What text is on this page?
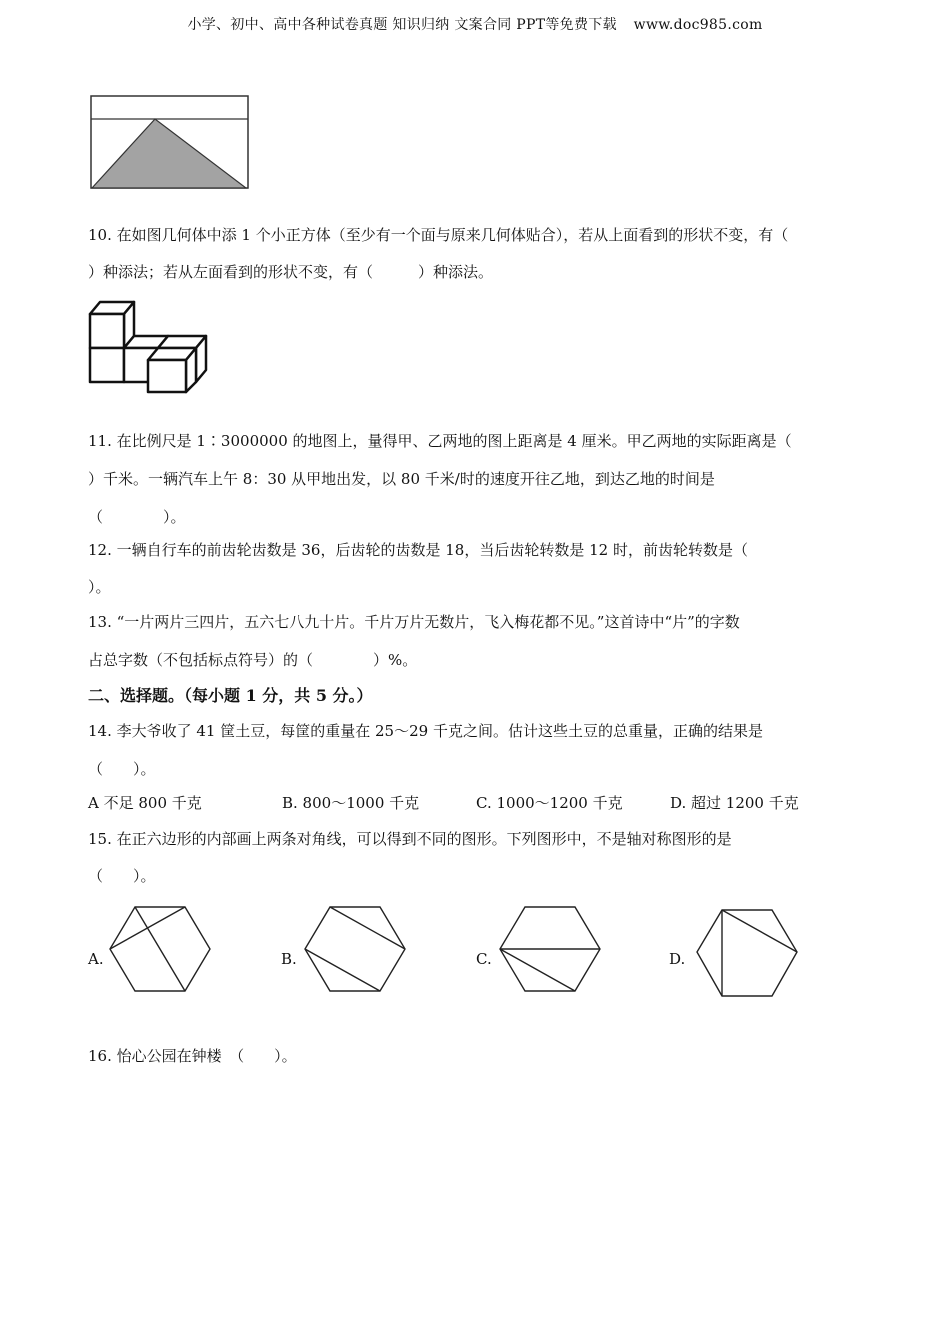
小学、初中、高中各种试卷真题 知识归纳 文案合同 PPT等免费下载 www.doc985.com
10. 在如图几何体中添 1 个小正方体（至少有一个面与原来几何体贴合），若从上面看到的形状不变，有（
）种添法；若从左面看到的形状不变，有（　　　）种添法。
11. 在比例尺是 1∶3000000 的地图上，量得甲、乙两地的图上距离是 4 厘米。甲乙两地的实际距离是（
）千米。一辆汽车上午 8：30 从甲地出发，以 80 千米/时的速度开往乙地，到达乙地的时间是
（　　　　）。
12. 一辆自行车的前齿轮齿数是 36，后齿轮的齿数是 18，当后齿轮转数是 12 时，前齿轮转数是（
）。
13. “一片两片三四片，五六七八九十片。千片万片无数片，飞入梅花都不见。”这首诗中“片”的字数
占总字数（不包括标点符号）的（　　　　）%。
二、选择题。（每小题 1 分，共 5 分。）
14. 李大爷收了 41 筐土豆，每筐的重量在 25～29 千克之间。估计这些土豆的总重量，正确的结果是
（　　）。
A 不足 800 千克	B. 800～1000 千克	C. 1000～1200 千克	D. 超过 1200 千克
15. 在正六边形的内部画上两条对角线，可以得到不同的图形。下列图形中，不是轴对称图形的是
（　　）。
A.	B.	C.	D.
16. 怡心公园在钟楼　（　　）。
